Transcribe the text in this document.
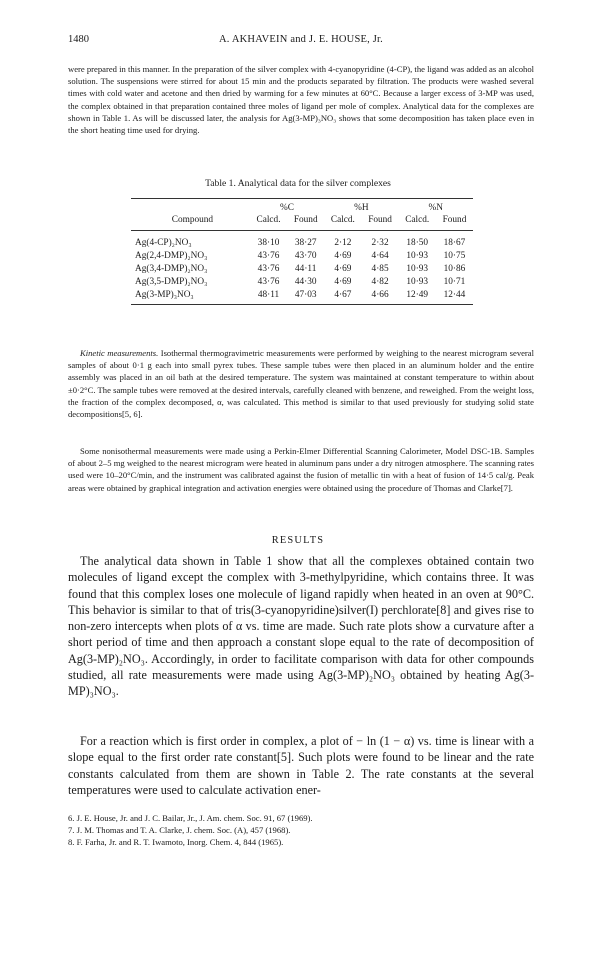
1480	A. AKHAVEIN and J. E. HOUSE, Jr.
were prepared in this manner. In the preparation of the silver complex with 4-cyanopyridine (4-CP), the ligand was added as an alcohol solution. The suspensions were stirred for about 15 min and the products separated by filtration. The products were washed several times with cold water and acetone and then dried by warming for a few minutes at 60°C. Because a larger excess of 3-MP was used, the complex obtained in that preparation contained three moles of ligand per mole of complex. Analytical data for the complexes are shown in Table 1. As will be discussed later, the analysis for Ag(3-MP)₃NO₃ shows that some decomposition has taken place even in the short heating time used for drying.
Table 1. Analytical data for the silver complexes
	%C		%H		%N	
Compound	Calcd.	Found	Calcd.	Found	Calcd.	Found
Ag(4-CP)₂NO₃	38·10	38·27	2·12	2·32	18·50	18·67
Ag(2,4-DMP)₂NO₃	43·76	43·70	4·69	4·64	10·93	10·75
Ag(3,4-DMP)₂NO₃	43·76	44·11	4·69	4·85	10·93	10·86
Ag(3,5-DMP)₂NO₃	43·76	44·30	4·69	4·82	10·93	10·71
Ag(3-MP)₃NO₃	48·11	47·03	4·67	4·66	12·49	12·44
Kinetic measurements. Isothermal thermogravimetric measurements were performed by weighing to the nearest microgram several samples of about 0·1 g each into small pyrex tubes. These sample tubes were then placed in an aluminum holder and the entire assembly was placed in an oil bath at the desired temperature. The system was maintained at constant temperature to within about ±0·2°C. The sample tubes were removed at the desired intervals, carefully cleaned with benzene, and reweighed. From the weight loss, the fraction of the complex decomposed, α, was calculated. This method is similar to that used previously for studying solid state decompositions[5, 6].
Some nonisothermal measurements were made using a Perkin-Elmer Differential Scanning Calorimeter, Model DSC-1B. Samples of about 2–5 mg weighed to the nearest microgram were heated in aluminum pans under a dry nitrogen atmosphere. The scanning rates used were 10–20°C/min, and the instrument was calibrated against the fusion of metallic tin with a heat of fusion of 14·5 cal/g. Peak areas were obtained by graphical integration and activation energies were obtained using the procedure of Thomas and Clarke[7].
RESULTS
The analytical data shown in Table 1 show that all the complexes obtained contain two molecules of ligand except the complex with 3-methylpyridine, which contains three. It was found that this complex loses one molecule of ligand rapidly when heated in an oven at 90°C. This behavior is similar to that of tris(3-cyanopyridine)silver(I) perchlorate[8] and gives rise to non-zero intercepts when plots of α vs. time are made. Such rate plots show a curvature after a short period of time and then approach a constant slope equal to the rate of decomposition of Ag(3-MP)₂NO₃. Accordingly, in order to facilitate comparison with data for other compounds studied, all rate measurements were made using Ag(3-MP)₂NO₃ obtained by heating Ag(3-MP)₃NO₃.
For a reaction which is first order in complex, a plot of − ln (1 − α) vs. time is linear with a slope equal to the first order rate constant[5]. Such plots were found to be linear and the rate constants calculated from them are shown in Table 2. The rate constants at the several temperatures were used to calculate activation ener-
6. J. E. House, Jr. and J. C. Bailar, Jr., J. Am. chem. Soc. 91, 67 (1969).
7. J. M. Thomas and T. A. Clarke, J. chem. Soc. (A), 457 (1968).
8. F. Farha, Jr. and R. T. Iwamoto, Inorg. Chem. 4, 844 (1965).
